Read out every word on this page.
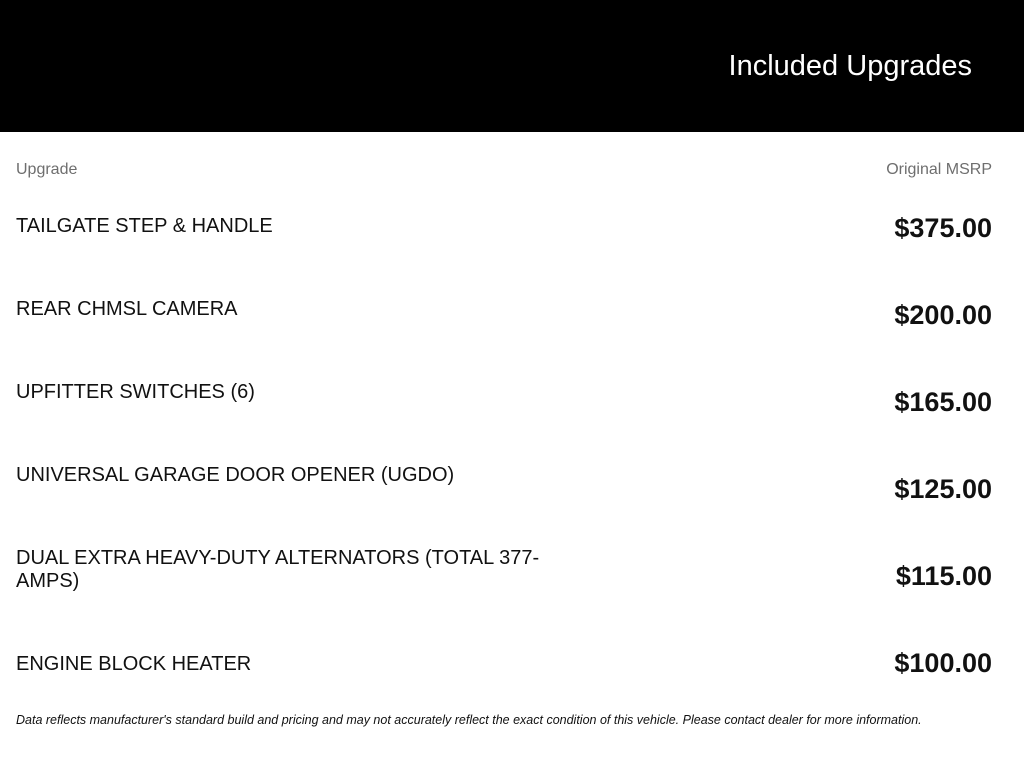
Included Upgrades
Upgrade	Original MSRP
TAILGATE STEP & HANDLE	$375.00
REAR CHMSL CAMERA	$200.00
UPFITTER SWITCHES (6)	$165.00
UNIVERSAL GARAGE DOOR OPENER (UGDO)	$125.00
DUAL EXTRA HEAVY-DUTY ALTERNATORS (TOTAL 377-AMPS)	$115.00
ENGINE BLOCK HEATER	$100.00
Data reflects manufacturer's standard build and pricing and may not accurately reflect the exact condition of this vehicle. Please contact dealer for more information.
